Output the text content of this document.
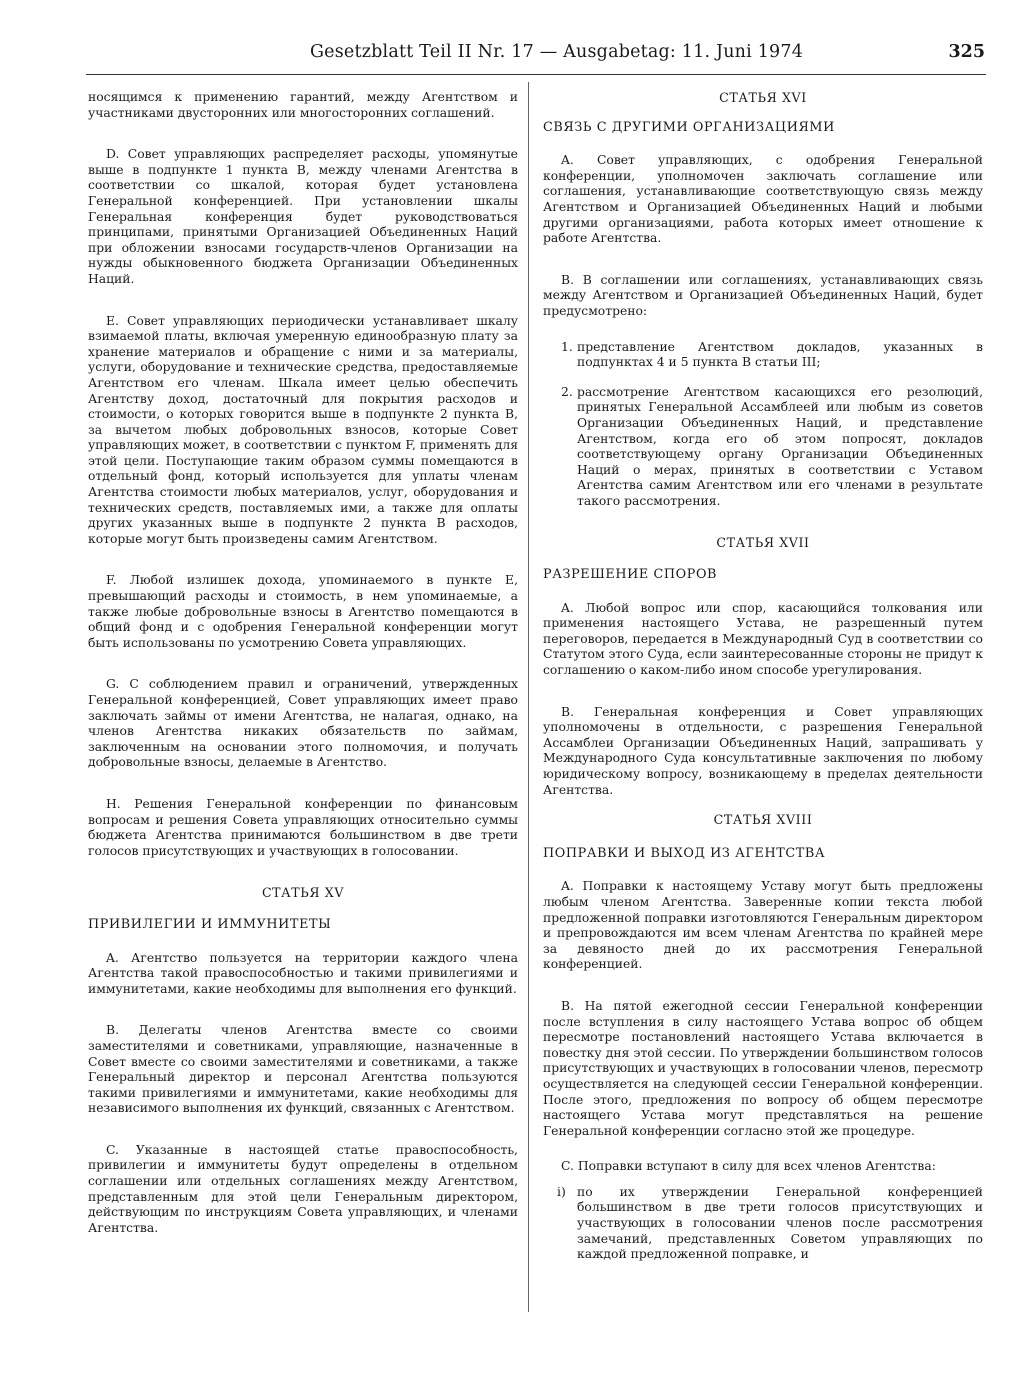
Gesetzblatt Teil II Nr. 17 — Ausgabetag: 11. Juni 1974	325

носящимся к применению гарантий, между Агентством и участниками двусторонних или многосторонних соглашений.

D. Совет управляющих распределяет расходы, упомянутые выше в подпункте 1 пункта В, между членами Агентства в соответствии со шкалой, которая будет установлена Генеральной конференцией. При установлении шкалы Генеральная конференция будет руководствоваться принципами, принятыми Организацией Объединенных Наций при обложении взносами государств-членов Организации на нужды обыкновенного бюджета Организации Объединенных Наций.

E. Совет управляющих периодически устанавливает шкалу взимаемой платы, включая умеренную единообразную плату за хранение материалов и обращение с ними и за материалы, услуги, оборудование и технические средства, предоставляемые Агентством его членам. Шкала имеет целью обеспечить Агентству доход, достаточный для покрытия расходов и стоимости, о которых говорится выше в подпункте 2 пункта В, за вычетом любых добровольных взносов, которые Совет управляющих может, в соответствии с пунктом F, применять для этой цели. Поступающие таким образом суммы помещаются в отдельный фонд, который используется для уплаты членам Агентства стоимости любых материалов, услуг, оборудования и технических средств, поставляемых ими, а также для оплаты других указанных выше в подпункте 2 пункта В расходов, которые могут быть произведены самим Агентством.

F. Любой излишек дохода, упоминаемого в пункте E, превышающий расходы и стоимость, в нем упоминаемые, а также любые добровольные взносы в Агентство помещаются в общий фонд и с одобрения Генеральной конференции могут быть использованы по усмотрению Совета управляющих.

G. С соблюдением правил и ограничений, утвержденных Генеральной конференцией, Совет управляющих имеет право заключать займы от имени Агентства, не налагая, однако, на членов Агентства никаких обязательств по займам, заключенным на основании этого полномочия, и получать добровольные взносы, делаемые в Агентство.

H. Решения Генеральной конференции по финансовым вопросам и решения Совета управляющих относительно суммы бюджета Агентства принимаются большинством в две трети голосов присутствующих и участвующих в голосовании.

СТАТЬЯ XV

ПРИВИЛЕГИИ И ИММУНИТЕТЫ

A. Агентство пользуется на территории каждого члена Агентства такой правоспособностью и такими привилегиями и иммунитетами, какие необходимы для выполнения его функций.

B. Делегаты членов Агентства вместе со своими заместителями и советниками, управляющие, назначенные в Совет вместе со своими заместителями и советниками, а также Генеральный директор и персонал Агентства пользуются такими привилегиями и иммунитетами, какие необходимы для независимого выполнения их функций, связанных с Агентством.

C. Указанные в настоящей статье правоспособность, привилегии и иммунитеты будут определены в отдельном соглашении или отдельных соглашениях между Агентством, представленным для этой цели Генеральным директором, действующим по инструкциям Совета управляющих, и членами Агентства.

СТАТЬЯ XVI

СВЯЗЬ С ДРУГИМИ ОРГАНИЗАЦИЯМИ

A. Совет управляющих, с одобрения Генеральной конференции, уполномочен заключать соглашение или соглашения, устанавливающие соответствующую связь между Агентством и Организацией Объединенных Наций и любыми другими организациями, работа которых имеет отношение к работе Агентства.

B. В соглашении или соглашениях, устанавливающих связь между Агентством и Организацией Объединенных Наций, будет предусмотрено:

1. представление Агентством докладов, указанных в подпунктах 4 и 5 пункта В статьи III;
2. рассмотрение Агентством касающихся его резолюций, принятых Генеральной Ассамблеей или любым из советов Организации Объединенных Наций, и представление Агентством, когда его об этом попросят, докладов соответствующему органу Организации Объединенных Наций о мерах, принятых в соответствии с Уставом Агентства самим Агентством или его членами в результате такого рассмотрения.

СТАТЬЯ XVII

РАЗРЕШЕНИЕ СПОРОВ

A. Любой вопрос или спор, касающийся толкования или применения настоящего Устава, не разрешенный путем переговоров, передается в Международный Суд в соответствии со Статутом этого Суда, если заинтересованные стороны не придут к соглашению о каком-либо ином способе урегулирования.

B. Генеральная конференция и Совет управляющих уполномочены в отдельности, с разрешения Генеральной Ассамблеи Организации Объединенных Наций, запрашивать у Международного Суда консультативные заключения по любому юридическому вопросу, возникающему в пределах деятельности Агентства.

СТАТЬЯ XVIII

ПОПРАВКИ И ВЫХОД ИЗ АГЕНТСТВА

A. Поправки к настоящему Уставу могут быть предложены любым членом Агентства. Заверенные копии текста любой предложенной поправки изготовляются Генеральным директором и препровождаются им всем членам Агентства по крайней мере за девяносто дней до их рассмотрения Генеральной конференцией.

B. На пятой ежегодной сессии Генеральной конференции после вступления в силу настоящего Устава вопрос об общем пересмотре постановлений настоящего Устава включается в повестку дня этой сессии. По утверждении большинством голосов присутствующих и участвующих в голосовании членов, пересмотр осуществляется на следующей сессии Генеральной конференции. После этого, предложения по вопросу об общем пересмотре настоящего Устава могут представляться на решение Генеральной конференции согласно этой же процедуре.

C. Поправки вступают в силу для всех членов Агентства:

i) по их утверждении Генеральной конференцией большинством в две трети голосов присутствующих и участвующих в голосовании членов после рассмотрения замечаний, представленных Советом управляющих по каждой предложенной поправке, и
